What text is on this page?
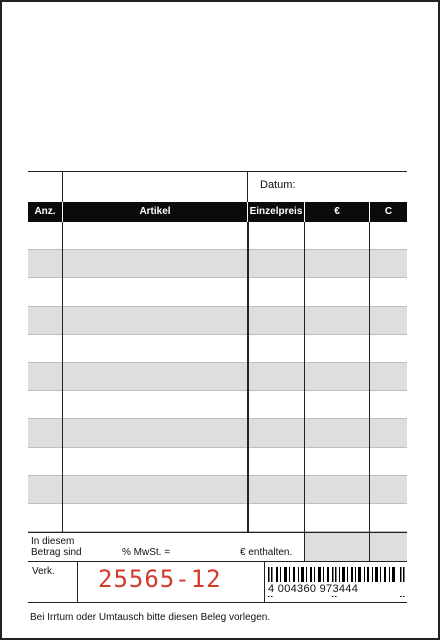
Datum:
Anz.	Artikel	Einzelpreis	€	C
In diesem
Betrag sind	% MwSt. =	€ enthalten.
Verk. 25565-12	4 004360 973444
Bei Irrtum oder Umtausch bitte diesen Beleg vorlegen.
